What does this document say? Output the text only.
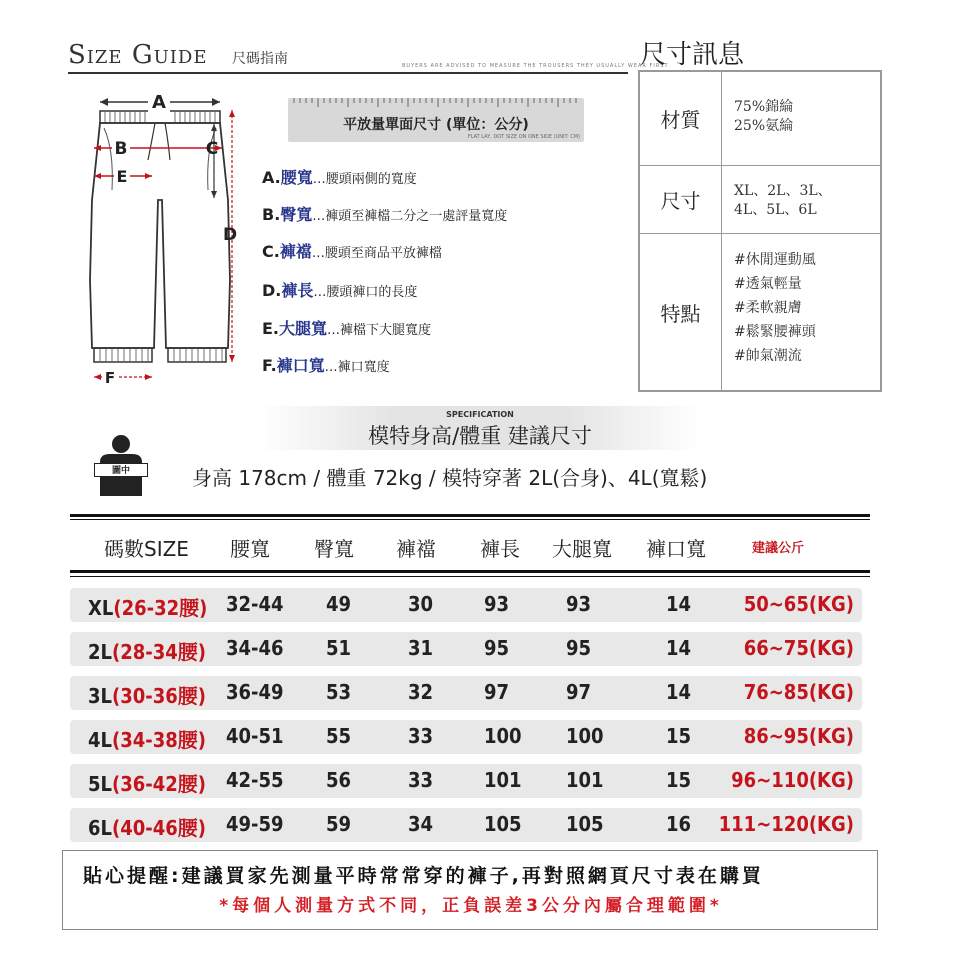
Size Guide 尺碼指南	BUYERS ARE ADVISED TO MEASURE THE TROUSERS THEY USUALLY WEAR FIRST
A
B	C
D
E
F
平放量單面尺寸 (單位：公分)
FLAT LAY, DOT SIZE ON ONE SIDE (UNIT: CM)
A.腰寬…腰頭兩側的寬度
B.臀寬…褲頭至褲檔二分之一處評量寬度
C.褲襠…腰頭至商品平放褲檔
D.褲長…腰頭褲口的長度
E.大腿寬…褲檔下大腿寬度
F.褲口寬…褲口寬度
尺寸訊息
材質
75%錦綸
25%氨綸
尺寸	XL、2L、3L、
4L、5L、6L
特點
#休閒運動風
#透氣輕量
#柔軟親膚
#鬆緊腰褲頭
#帥氣潮流
SPECIFICATION
模特身高/體重 建議尺寸
圖中MODEL	身高 178cm / 體重 72kg / 模特穿著 2L(合身)、4L(寬鬆)
碼數SIZE 腰寬 臀寬 褲襠 褲長 大腿寬 褲口寬	建議公斤
XL(26-32腰) 32-44 49	30	93	93	14	50~65(KG)
2L(28-34腰) 34-46 51	31	95	95	14	66~75(KG)
3L(30-36腰) 36-49 53	32	97	97	14	76~85(KG)
4L(34-38腰) 40-51 55	33	100 100	15	86~95(KG)
5L(36-42腰) 42-55 56	33	101 101	15 96~110(KG)
6L(40-46腰) 49-59 59	34	105 105	16 111~120(KG)
貼心提醒:建議買家先測量平時常常穿的褲子,再對照網頁尺寸表在購買
*每個人測量方式不同，正負誤差3公分內屬合理範圍*
